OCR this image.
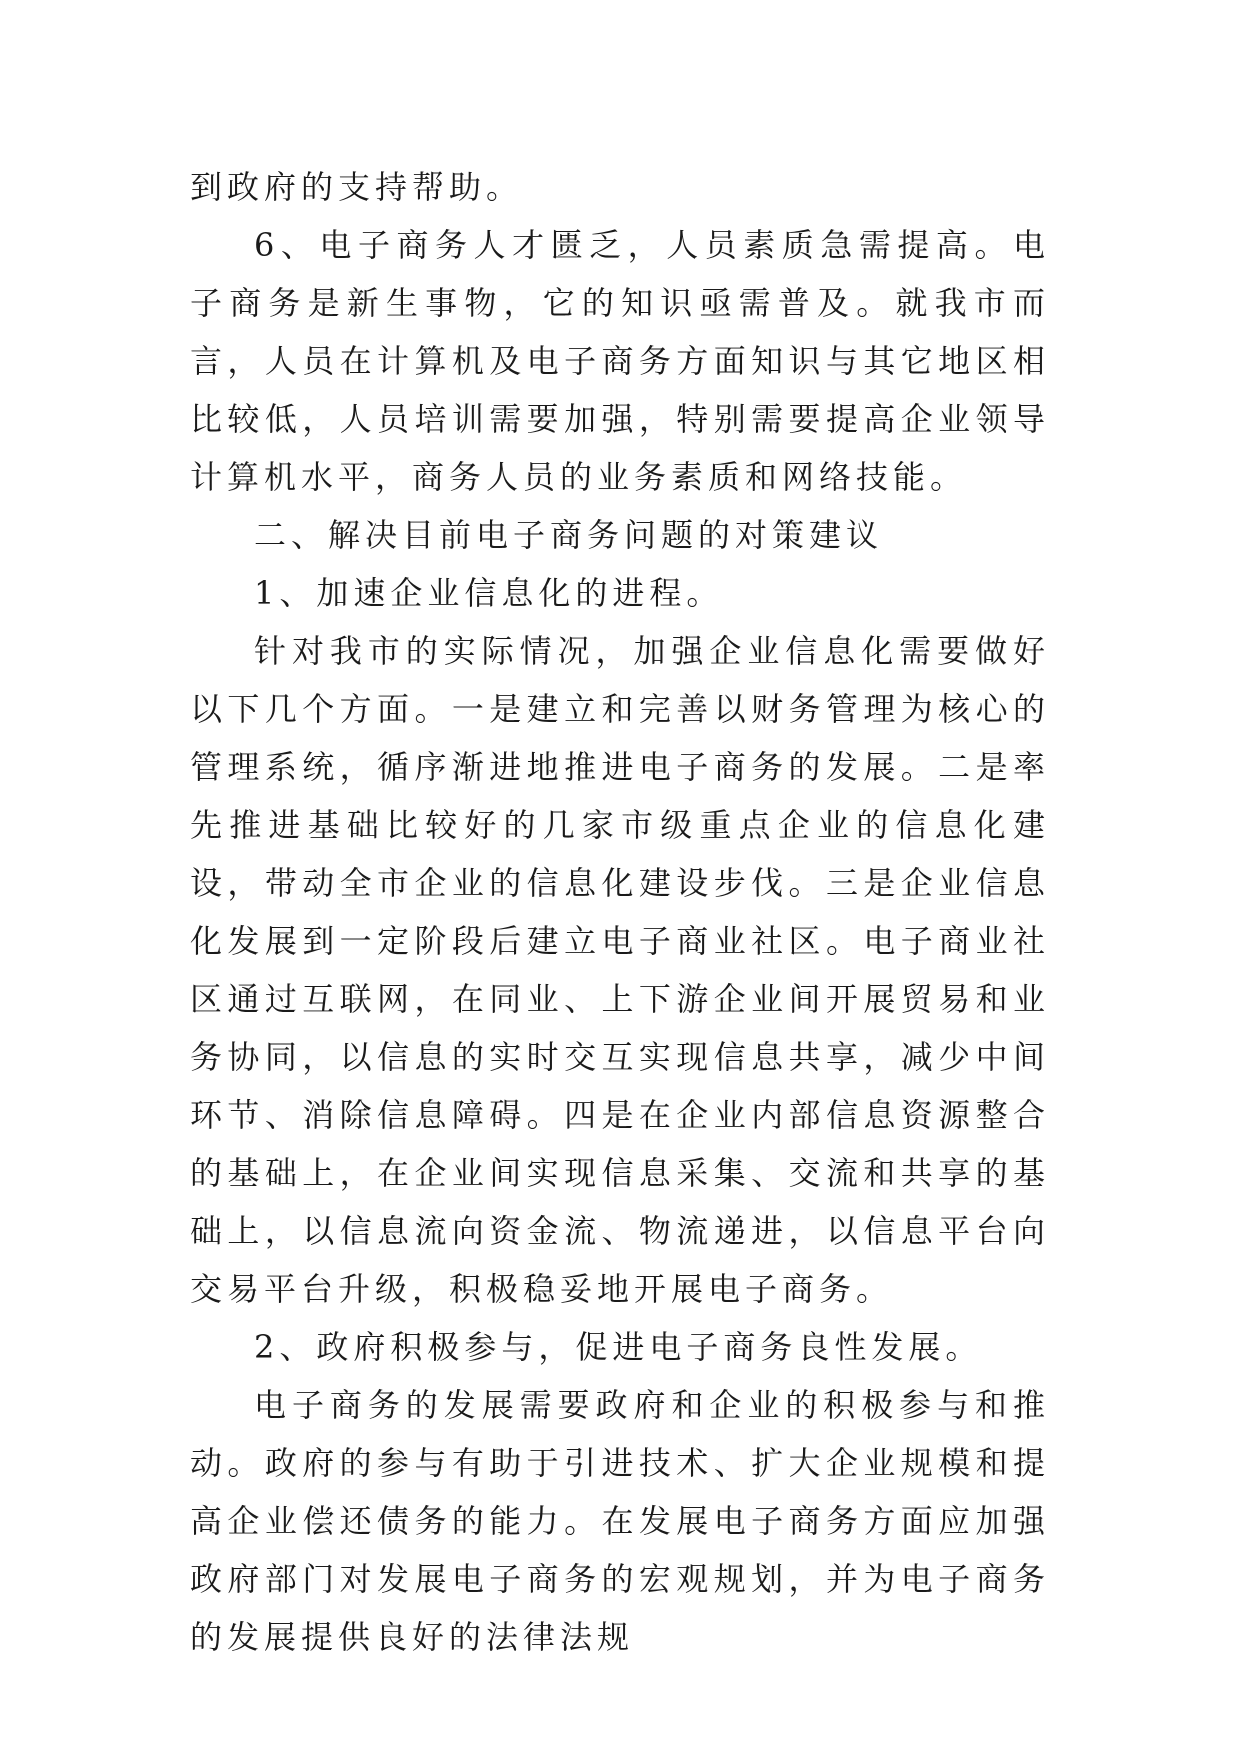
到政府的支持帮助。

6、电子商务人才匮乏，人员素质急需提高。电子商务是新生事物，它的知识亟需普及。就我市而言，人员在计算机及电子商务方面知识与其它地区相比较低，人员培训需要加强，特别需要提高企业领导计算机水平，商务人员的业务素质和网络技能。

二、解决目前电子商务问题的对策建议

1、加速企业信息化的进程。

针对我市的实际情况，加强企业信息化需要做好以下几个方面。一是建立和完善以财务管理为核心的管理系统，循序渐进地推进电子商务的发展。二是率先推进基础比较好的几家市级重点企业的信息化建设，带动全市企业的信息化建设步伐。三是企业信息化发展到一定阶段后建立电子商业社区。电子商业社区通过互联网，在同业、上下游企业间开展贸易和业务协同，以信息的实时交互实现信息共享，减少中间环节、消除信息障碍。四是在企业内部信息资源整合的基础上，在企业间实现信息采集、交流和共享的基础上，以信息流向资金流、物流递进，以信息平台向交易平台升级，积极稳妥地开展电子商务。

2、政府积极参与，促进电子商务良性发展。

电子商务的发展需要政府和企业的积极参与和推动。政府的参与有助于引进技术、扩大企业规模和提高企业偿还债务的能力。在发展电子商务方面应加强政府部门对发展电子商务的宏观规划，并为电子商务的发展提供良好的法律法规
